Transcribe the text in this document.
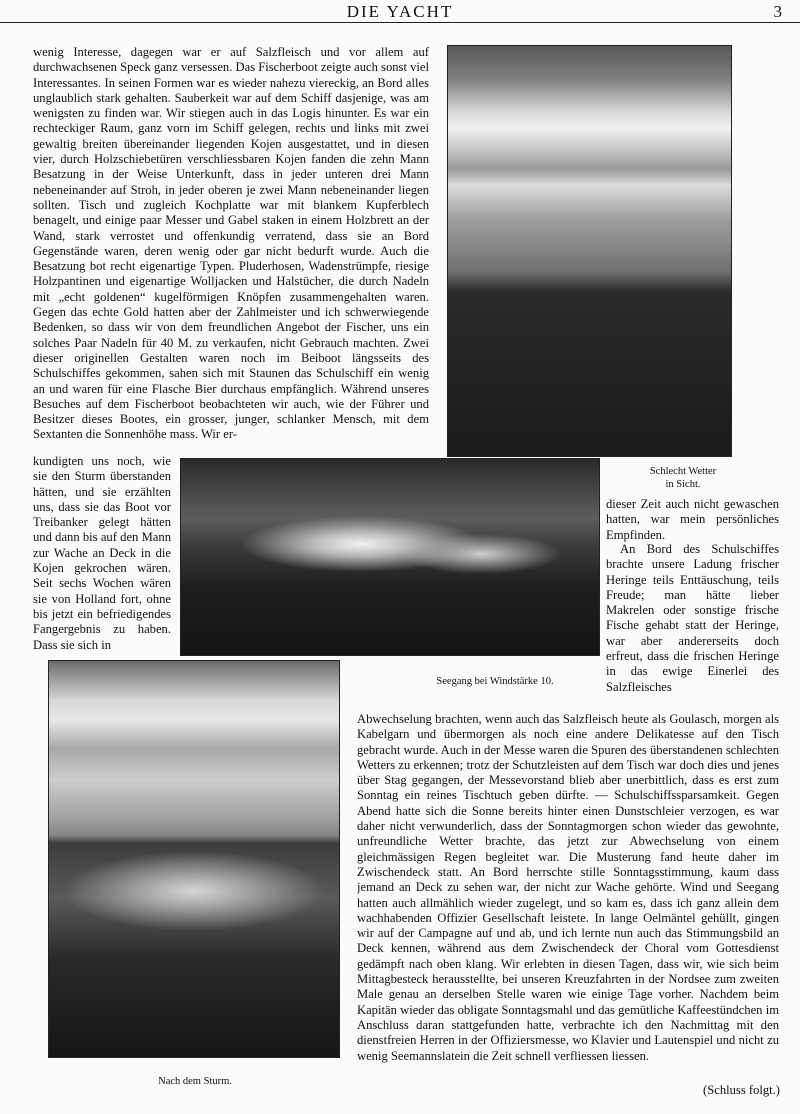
DIE YACHT	3
Schlecht Wetter
in Sicht.
Seegang bei Windstärke 10.
Nach dem Sturm.

wenig Interesse, dagegen war er auf Salzfleisch und vor allem auf durchwachsenen Speck ganz versessen. Das Fischerboot zeigte auch sonst viel Interessantes. In seinen Formen war es wieder nahezu viereckig, an Bord alles unglaublich stark gehalten. Sauberkeit war auf dem Schiff dasjenige, was am wenigsten zu finden war. Wir stiegen auch in das Logis hinunter. Es war ein rechteckiger Raum, ganz vorn im Schiff gelegen, rechts und links mit zwei gewaltig breiten übereinander liegenden Kojen ausgestattet, und in diesen vier, durch Holzschiebetüren verschliessbaren Kojen fanden die zehn Mann Besatzung in der Weise Unterkunft, dass in jeder unteren drei Mann nebeneinander auf Stroh, in jeder oberen je zwei Mann nebeneinander liegen sollten. Tisch und zugleich Kochplatte war mit blankem Kupferblech benagelt, und einige paar Messer und Gabel staken in einem Holzbrett an der Wand, stark verrostet und offenkundig verratend, dass sie an Bord Gegenstände waren, deren wenig oder gar nicht bedurft wurde. Auch die Besatzung bot recht eigenartige Typen. Pluderhosen, Wadenstrümpfe, riesige Holzpantinen und eigenartige Wolljacken und Halstücher, die durch Nadeln mit „echt goldenen“ kugelförmigen Knöpfen zusammengehalten waren. Gegen das echte Gold hatten aber der Zahlmeister und ich schwerwiegende Bedenken, so dass wir von dem freundlichen Angebot der Fischer, uns ein solches Paar Nadeln für 40 M. zu verkaufen, nicht Gebrauch machten. Zwei dieser originellen Gestalten waren noch im Beiboot längsseits des Schulschiffes gekommen, sahen sich mit Staunen das Schulschiff ein wenig an und waren für eine Flasche Bier durchaus empfänglich. Während unseres Besuches auf dem Fischerboot beobachteten wir auch, wie der Führer und Besitzer dieses Bootes, ein grosser, junger, schlanker Mensch, mit dem Sextanten die Sonnenhöhe mass. Wir er-

kundigten uns noch, wie sie den Sturm überstanden hätten, und sie erzählten uns, dass sie das Boot vor Treibanker gelegt hätten und dann bis auf den Mann zur Wache an Deck in die Kojen gekrochen wären. Seit sechs Wochen wären sie von Holland fort, ohne bis jetzt ein befriedigendes Fangergebnis zu haben. Dass sie sich in

dieser Zeit auch nicht gewaschen hatten, war mein persönliches Empfinden.

An Bord des Schulschiffes brachte unsere Ladung frischer Heringe teils Enttäuschung, teils Freude; man hätte lieber Makrelen oder sonstige frische Fische gehabt statt der Heringe, war aber andererseits doch erfreut, dass die frischen Heringe in das ewige Einerlei des Salzfleisches

Abwechselung brachten, wenn auch das Salzfleisch heute als Goulasch, morgen als Kabelgarn und übermorgen als noch eine andere Delikatesse auf den Tisch gebracht wurde. Auch in der Messe waren die Spuren des überstandenen schlechten Wetters zu erkennen; trotz der Schutzleisten auf dem Tisch war doch dies und jenes über Stag gegangen, der Messevorstand blieb aber unerbittlich, dass es erst zum Sonntag ein reines Tischtuch geben dürfte. — Schulschiffssparsamkeit. Gegen Abend hatte sich die Sonne bereits hinter einen Dunstschleier verzogen, es war daher nicht verwunderlich, dass der Sonntagmorgen schon wieder das gewohnte, unfreundliche Wetter brachte, das jetzt zur Abwechselung von einem gleichmässigen Regen begleitet war. Die Musterung fand heute daher im Zwischendeck statt. An Bord herrschte stille Sonntagsstimmung, kaum dass jemand an Deck zu sehen war, der nicht zur Wache gehörte. Wind und Seegang hatten auch allmählich wieder zugelegt, und so kam es, dass ich ganz allein dem wachhabenden Offizier Gesellschaft leistete. In lange Oelmäntel gehüllt, gingen wir auf der Campagne auf und ab, und ich lernte nun auch das Stimmungsbild an Deck kennen, während aus dem Zwischendeck der Choral vom Gottesdienst gedämpft nach oben klang. Wir erlebten in diesen Tagen, dass wir, wie sich beim Mittagbesteck herausstellte, bei unseren Kreuzfahrten in der Nordsee zum zweiten Male genau an derselben Stelle waren wie einige Tage vorher. Nachdem beim Kapitän wieder das obligate Sonntagsmahl und das gemütliche Kaffeestündchen im Anschluss daran stattgefunden hatte, verbrachte ich den Nachmittag mit den dienstfreien Herren in der Offiziersmesse, wo Klavier und Lautenspiel und nicht zu wenig Seemannslatein die Zeit schnell verfliessen liessen.

(Schluss folgt.)
